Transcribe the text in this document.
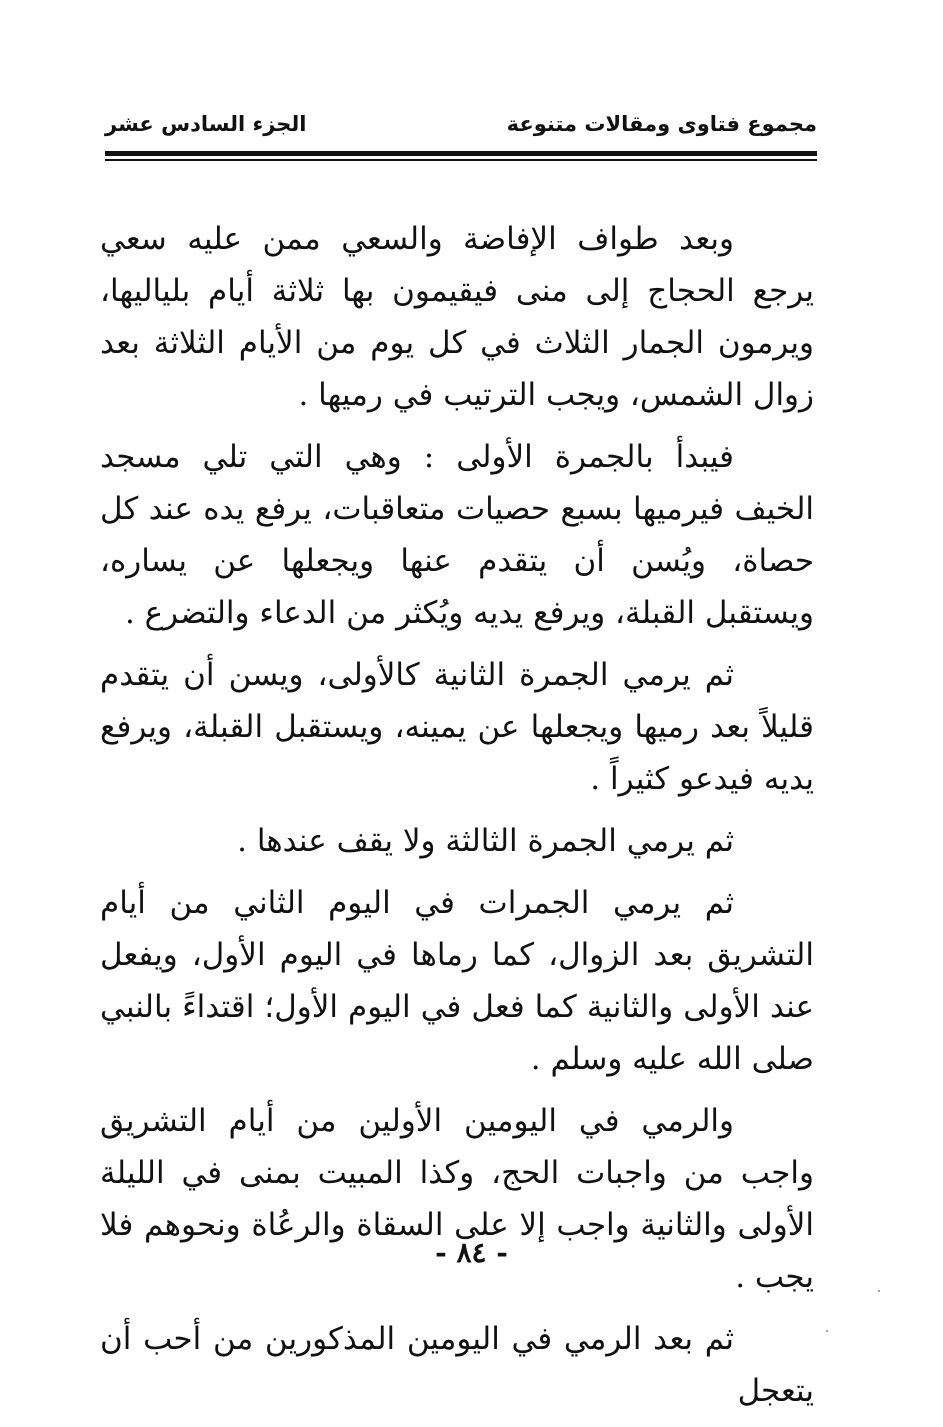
مجموع فتاوى ومقالات متنوعة
الجزء السادس عشر

وبعد طواف الإفاضة والسعي ممن عليه سعي يرجع الحجاج إلى منى فيقيمون بها ثلاثة أيام بلياليها، ويرمون الجمار الثلاث في كل يوم من الأيام الثلاثة بعد زوال الشمس، ويجب الترتيب في رميها .

فيبدأ بالجمرة الأولى : وهي التي تلي مسجد الخيف فيرميها بسبع حصيات متعاقبات، يرفع يده عند كل حصاة، ويُسن أن يتقدم عنها ويجعلها عن يساره، ويستقبل القبلة، ويرفع يديه ويُكثر من الدعاء والتضرع .

ثم يرمي الجمرة الثانية كالأولى، ويسن أن يتقدم قليلاً بعد رميها ويجعلها عن يمينه، ويستقبل القبلة، ويرفع يديه فيدعو كثيراً .

ثم يرمي الجمرة الثالثة ولا يقف عندها .

ثم يرمي الجمرات في اليوم الثاني من أيام التشريق بعد الزوال، كما رماها في اليوم الأول، ويفعل عند الأولى والثانية كما فعل في اليوم الأول؛ اقتداءً بالنبي صلى الله عليه وسلم .

والرمي في اليومين الأولين من أيام التشريق واجب من واجبات الحج، وكذا المبيت بمنى في الليلة الأولى والثانية واجب إلا على السقاة والرعُاة ونحوهم فلا يجب .

ثم بعد الرمي في اليومين المذكورين من أحب أن يتعجل

- ٨٤ -
